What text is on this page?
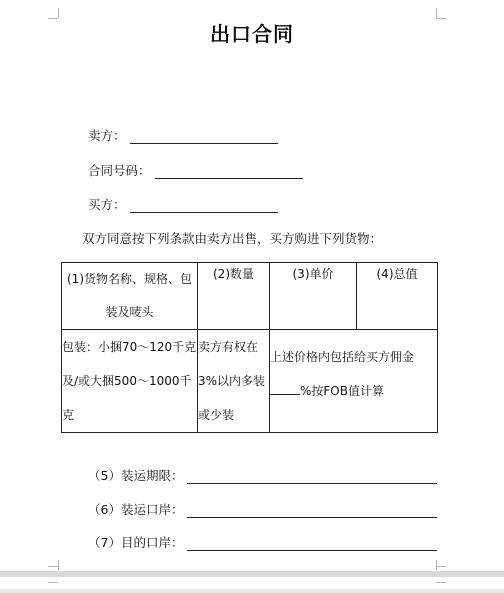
出口合同
卖方：
合同号码：
买方：
双方同意按下列条款由卖方出售，买方购进下列货物：
(1)货物名称、规格、包装及唛头	(2)数量	(3)单价	(4)总值

包装：小捆70～120千克及/或大捆500～1000千克	卖方有权在3%以内多装或少装	上述价格内包括给买方佣金%按FOB值计算	
（5）装运期限：
（6）装运口岸：
（7）目的口岸：
